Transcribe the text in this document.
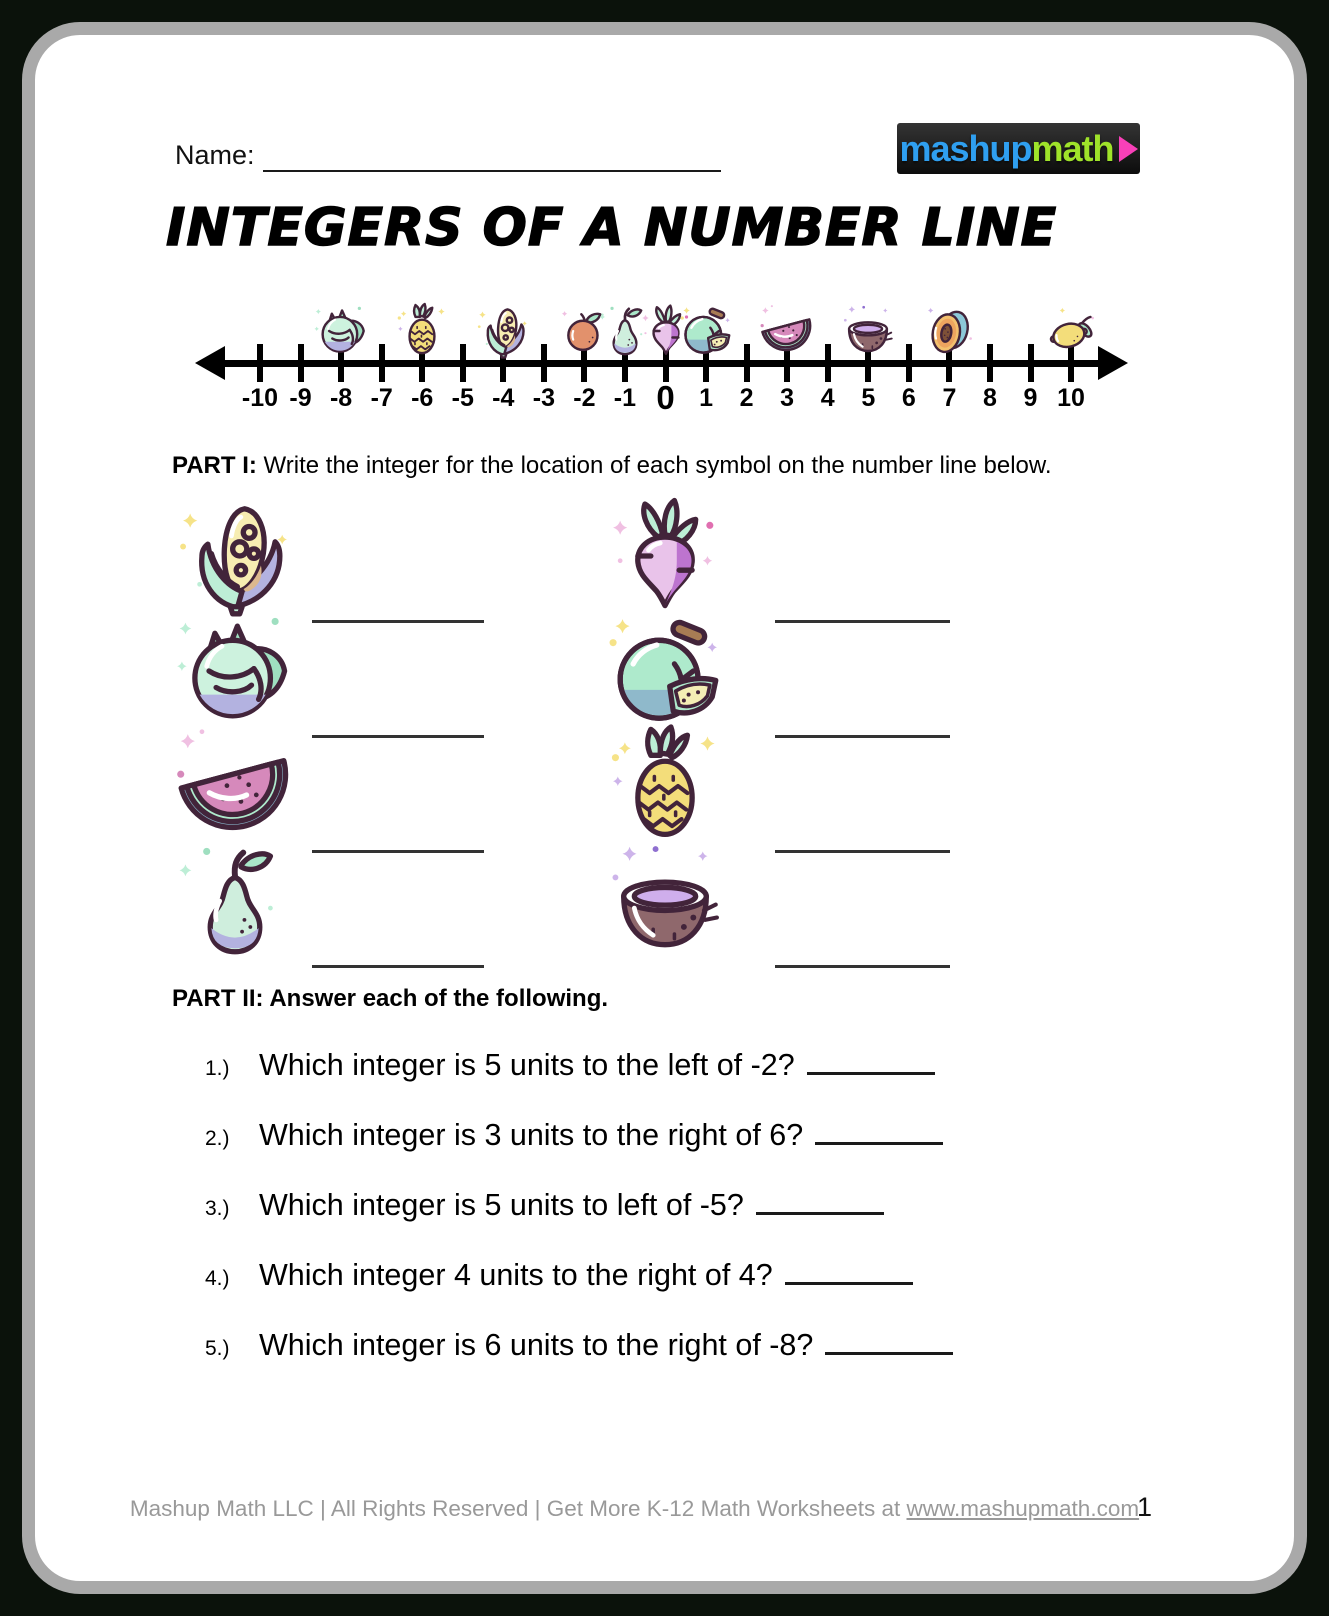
Name:	mashup math
INTEGERS OF A NUMBER LINE
-10 -9 -8 -7 -6 -5 -4 -3 -2 -1 0 1	2	3	4	5	6	7	8	9 10

PART I: Write the integer for the location of each symbol on the number line below.

PART II: Answer each of the following.

1.) Which integer is 5 units to the left of -2?
2.) Which integer is 3 units to the right of 6?
3.) Which integer is 5 units to left of -5?
4.) Which integer 4 units to the right of 4?
5.) Which integer is 6 units to the right of -8?
Mashup Math LLC | All Rights Reserved | Get More K-12 Math Worksheets at www.mashupmath.com
1
